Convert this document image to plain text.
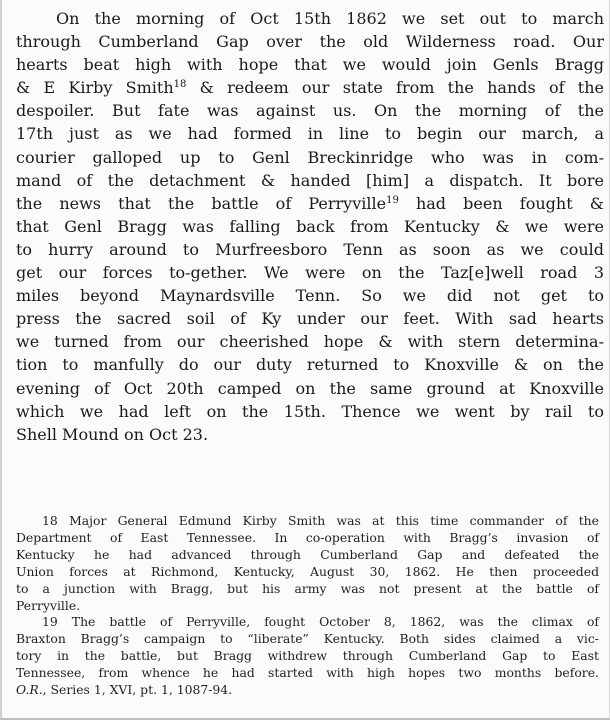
On the morning of Oct 15th 1862 we set out to march
through Cumberland Gap over the old Wilderness road. Our
hearts beat high with hope that we would join Genls Bragg
& E Kirby Smith$^{18}$ & redeem our state from the hands of the
despoiler. But fate was against us. On the morning of the
17th just as we had formed in line to begin our march, a
courier galloped up to Genl Breckinridge who was in com-
mand of the detachment & handed [him] a dispatch. It bore
the news that the battle of Perryville$^{19}$ had been fought &
that Genl Bragg was falling back from Kentucky & we were
to hurry around to Murfreesboro Tenn as soon as we could
get our forces to-gether. We were on the Taz[e]well road 3
miles beyond Maynardsville Tenn. So we did not get to
press the sacred soil of Ky under our feet. With sad hearts
we turned from our cheerished hope & with stern determina-
tion to manfully do our duty returned to Knoxville & on the
evening of Oct 20th camped on the same ground at Knoxville
which we had left on the 15th. Thence we went by rail to
Shell Mound on Oct 23.
18 Major General Edmund Kirby Smith was at this time commander of the
Department of East Tennessee. In co-operation with Bragg’s invasion of
Kentucky he had advanced through Cumberland Gap and defeated the
Union forces at Richmond, Kentucky, August 30, 1862. He then proceeded
to a junction with Bragg, but his army was not present at the battle of
Perryville.
19 The battle of Perryville, fought October 8, 1862, was the climax of
Braxton Bragg’s campaign to “liberate” Kentucky. Both sides claimed a vic-
tory in the battle, but Bragg withdrew through Cumberland Gap to East
Tennessee, from whence he had started with high hopes two months before.
O.R., Series 1, XVI, pt. 1, 1087-94.
